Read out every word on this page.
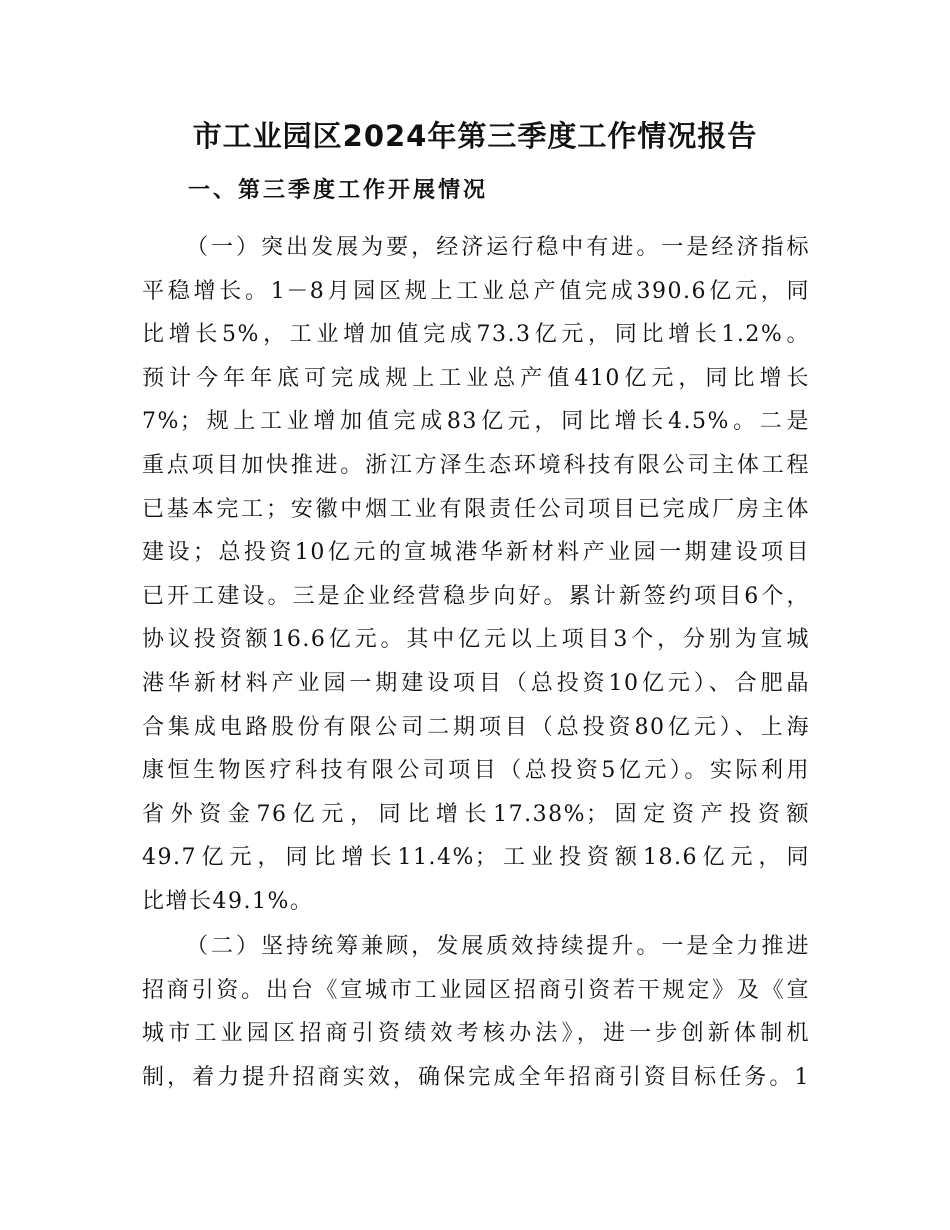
市工业园区2024年第三季度工作情况报告
一、第三季度工作开展情况

（一）突出发展为要，经济运行稳中有进。一是经济指标
平稳增长。1－8月园区规上工业总产值完成390.6亿元，同
比增长5%，工业增加值完成73.3亿元，同比增长1.2%。
预计今年年底可完成规上工业总产值410亿元，同比增长
7%；规上工业增加值完成83亿元，同比增长4.5%。二是
重点项目加快推进。浙江方泽生态环境科技有限公司主体工程
已基本完工；安徽中烟工业有限责任公司项目已完成厂房主体
建设；总投资10亿元的宣城港华新材料产业园一期建设项目
已开工建设。三是企业经营稳步向好。累计新签约项目6个，
协议投资额16.6亿元。其中亿元以上项目3个，分别为宣城
港华新材料产业园一期建设项目（总投资10亿元）、合肥晶
合集成电路股份有限公司二期项目（总投资80亿元）、上海
康恒生物医疗科技有限公司项目（总投资5亿元）。实际利用
省外资金76亿元，同比增长17.38%；固定资产投资额
49.7亿元，同比增长11.4%；工业投资额18.6亿元，同
比增长49.1%。

（二）坚持统筹兼顾，发展质效持续提升。一是全力推进
招商引资。出台《宣城市工业园区招商引资若干规定》及《宣
城市工业园区招商引资绩效考核办法》，进一步创新体制机
制，着力提升招商实效，确保完成全年招商引资目标任务。1
